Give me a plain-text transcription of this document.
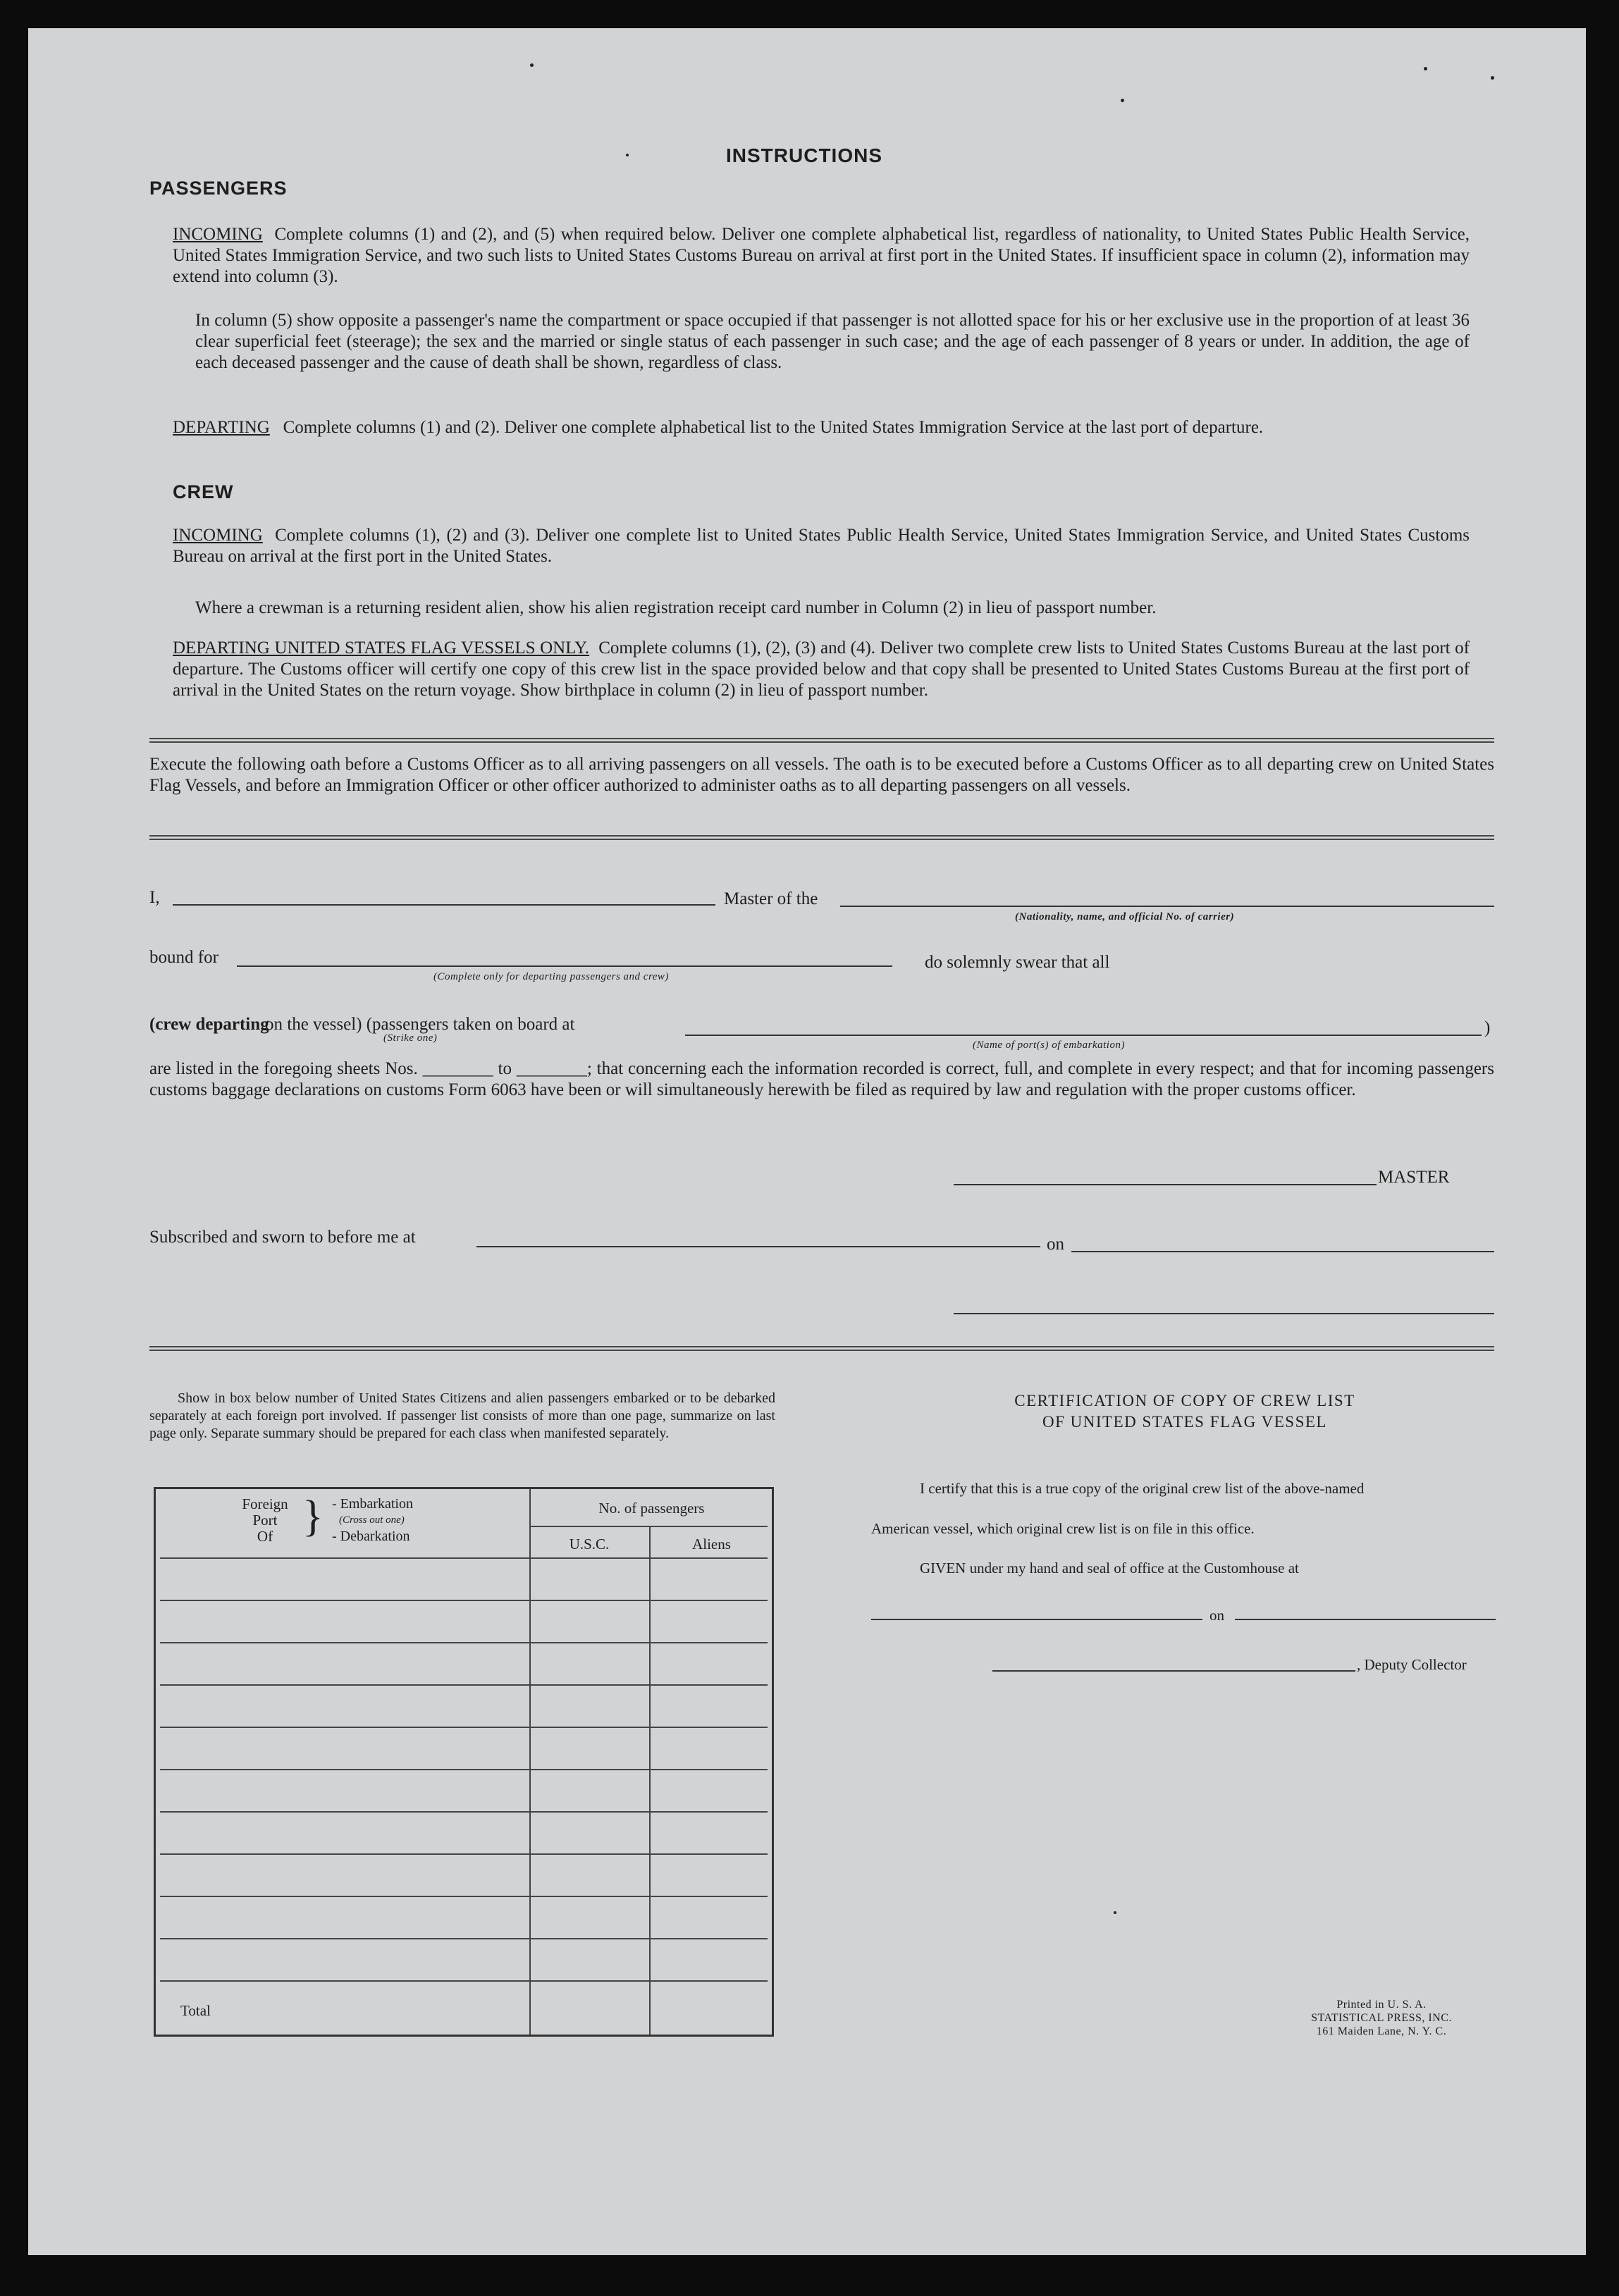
INSTRUCTIONS
PASSENGERS
INCOMING Complete columns (1) and (2), and (5) when required below. Deliver one complete alphabetical list, regardless of nationality, to United States Public Health Service, United States Immigration Service, and two such lists to United States Customs Bureau on arrival at first port in the United States. If insufficient space in column (2), information may extend into column (3).
In column (5) show opposite a passenger's name the compartment or space occupied if that passenger is not allotted space for his or her exclusive use in the proportion of at least 36 clear superficial feet (steerage); the sex and the married or single status of each passenger in such case; and the age of each passenger of 8 years or under. In addition, the age of each deceased passenger and the cause of death shall be shown, regardless of class.
DEPARTING Complete columns (1) and (2). Deliver one complete alphabetical list to the United States Immigration Service at the last port of departure.
CREW
INCOMING Complete columns (1), (2) and (3). Deliver one complete list to United States Public Health Service, United States Immigration Service, and United States Customs Bureau on arrival at the first port in the United States.
Where a crewman is a returning resident alien, show his alien registration receipt card number in Column (2) in lieu of passport number.
DEPARTING UNITED STATES FLAG VESSELS ONLY. Complete columns (1), (2), (3) and (4). Deliver two complete crew lists to United States Customs Bureau at the last port of departure. The Customs officer will certify one copy of this crew list in the space provided below and that copy shall be presented to United States Customs Bureau at the first port of arrival in the United States on the return voyage. Show birthplace in column (2) in lieu of passport number.
Execute the following oath before a Customs Officer as to all arriving passengers on all vessels. The oath is to be executed before a Customs Officer as to all departing crew on United States Flag Vessels, and before an Immigration Officer or other officer authorized to administer oaths as to all departing passengers on all vessels.
I,	Master of the
(Nationality, name, and official No. of carrier)
bound for
(Complete only for departing passengers and crew)
do solemnly swear that all
(crew departing
on the vessel) (passengers taken on board at
(Strike one)
)
(Name of port(s) of embarkation)
are listed in the foregoing sheets Nos. ________ to ________; that concerning each the information recorded is correct, full, and complete in every respect; and that for incoming passengers customs baggage declarations on customs Form 6063 have been or will simultaneously herewith be filed as required by law and regulation with the proper customs officer.
MASTER
Subscribed and sworn to before me at	on
Show in box below number of United States Citizens and alien passengers embarked or to be debarked separately at each foreign port involved. If passenger list consists of more than one page, summarize on last page only. Separate summary should be prepared for each class when manifested separately.
Foreign
Port
Of } - Embarkation
(Cross out one)
- Debarkation
No. of passengers
U.S.C.	Aliens
Total
CERTIFICATION OF COPY OF CREW LIST
OF UNITED STATES FLAG VESSEL
I certify that this is a true copy of the original crew list of the above-named
American vessel, which original crew list is on file in this office.
GIVEN under my hand and seal of office at the Customhouse at
on
, Deputy Collector
Printed in U. S. A.
STATISTICAL PRESS, INC.
161 Maiden Lane, N. Y. C.
